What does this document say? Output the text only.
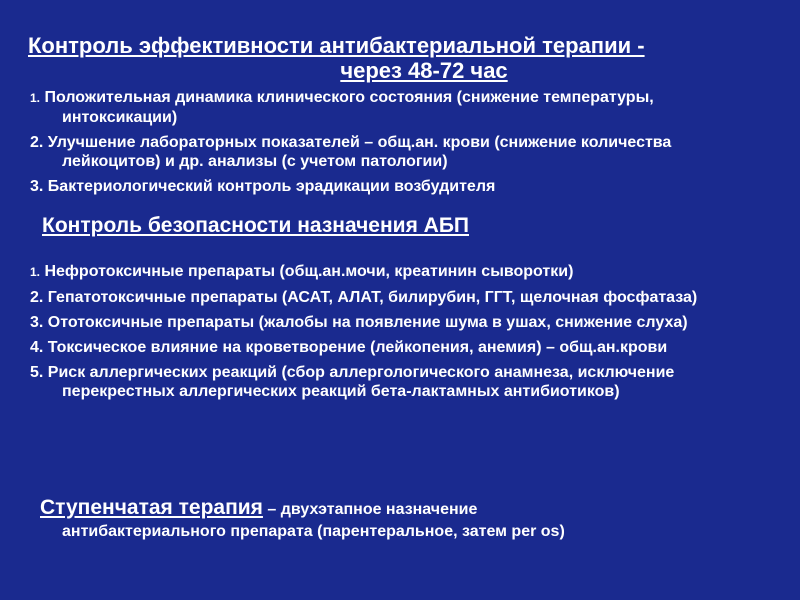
Контроль эффективности антибактериальной терапии -
через 48-72 час
1. Положительная динамика клинического состояния (снижение температуры, интоксикации)
2. Улучшение лабораторных показателей – общ.ан. крови (снижение количества лейкоцитов) и др. анализы (с учетом патологии)
3. Бактериологический контроль эрадикации возбудителя
Контроль безопасности назначения АБП
1. Нефротоксичные препараты (общ.ан.мочи, креатинин сыворотки)
2. Гепатотоксичные препараты (АСАТ, АЛАТ, билирубин, ГГТ, щелочная фосфатаза)
3. Ототоксичные препараты (жалобы на появление шума в ушах, снижение слуха)
4. Токсическое влияние на кроветворение (лейкопения, анемия) – общ.ан.крови
5. Риск аллергических реакций (сбор аллергологического анамнеза, исключение перекрестных аллергических реакций бета-лактамных антибиотиков)
Ступенчатая терапия – двухэтапное назначение
антибактериального препарата (парентеральное, затем per os)
